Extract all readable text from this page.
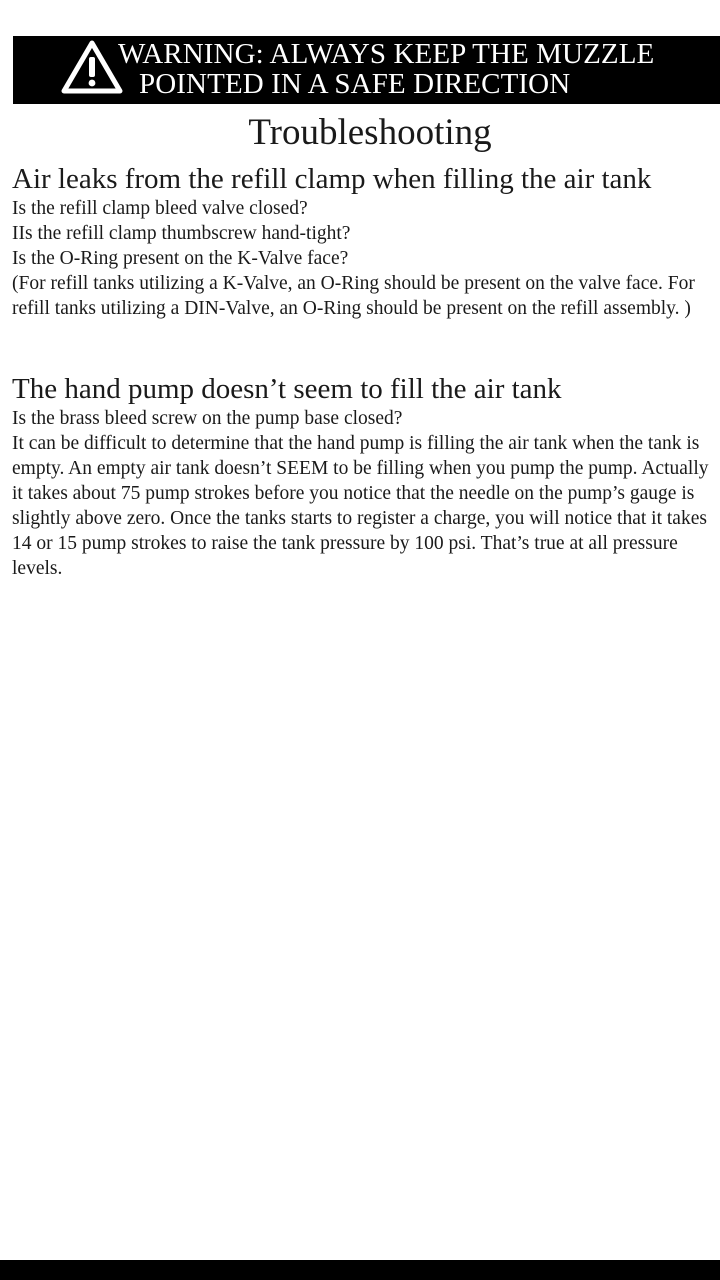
WARNING: ALWAYS KEEP THE MUZZLE
POINTED IN A SAFE DIRECTION
Troubleshooting
Air leaks from the refill clamp when filling the air tank

Is the refill clamp bleed valve closed?

IIs the refill clamp thumbscrew hand-tight?

Is the O-Ring present on the K-Valve face?

(For refill tanks utilizing a K-Valve, an O-Ring should be present on the valve face. For refill tanks utilizing a DIN-Valve, an O-Ring should be present on the refill assembly. )

The hand pump doesn’t seem to fill the air tank

Is the brass bleed screw on the pump base closed?

It can be difficult to determine that the hand pump is filling the air tank when the tank is empty. An empty air tank doesn’t SEEM to be filling when you pump the pump. Actually it takes about 75 pump strokes before you notice that the needle on the pump’s gauge is slightly above zero. Once the tanks starts to register a charge, you will notice that it takes 14 or 15 pump strokes to raise the tank pressure by 100 psi. That’s true at all pressure levels.
